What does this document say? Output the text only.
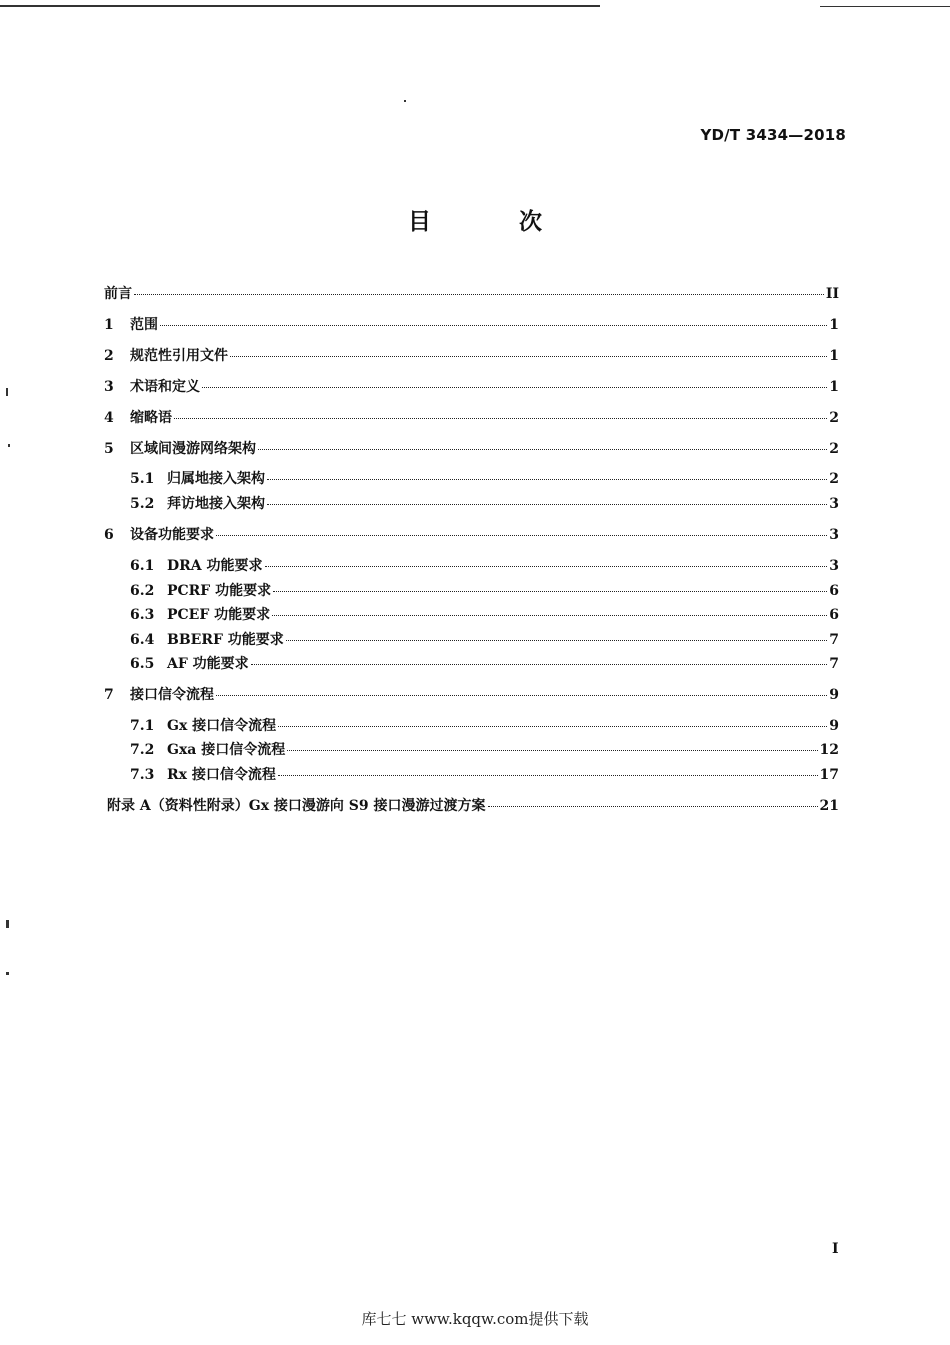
YD/T 3434—2018
目 次
前言	II
1	范围	1
2	规范性引用文件	1
3	术语和定义	1
4	缩略语	2
5	区域间漫游网络架构	2
5.1 归属地接入架构	2
5.2 拜访地接入架构	3
6	设备功能要求	3
6.1 DRA 功能要求	3
6.2 PCRF 功能要求	6
6.3 PCEF 功能要求	6
6.4 BBERF 功能要求	7
6.5 AF 功能要求	7
7	接口信令流程	9
7.1 Gx 接口信令流程	9
7.2 Gxa 接口信令流程	12
7.3 Rx 接口信令流程	17
附录 A（资料性附录）Gx 接口漫游向 S9 接口漫游过渡方案	21
I
库七七 www.kqqw.com提供下载
